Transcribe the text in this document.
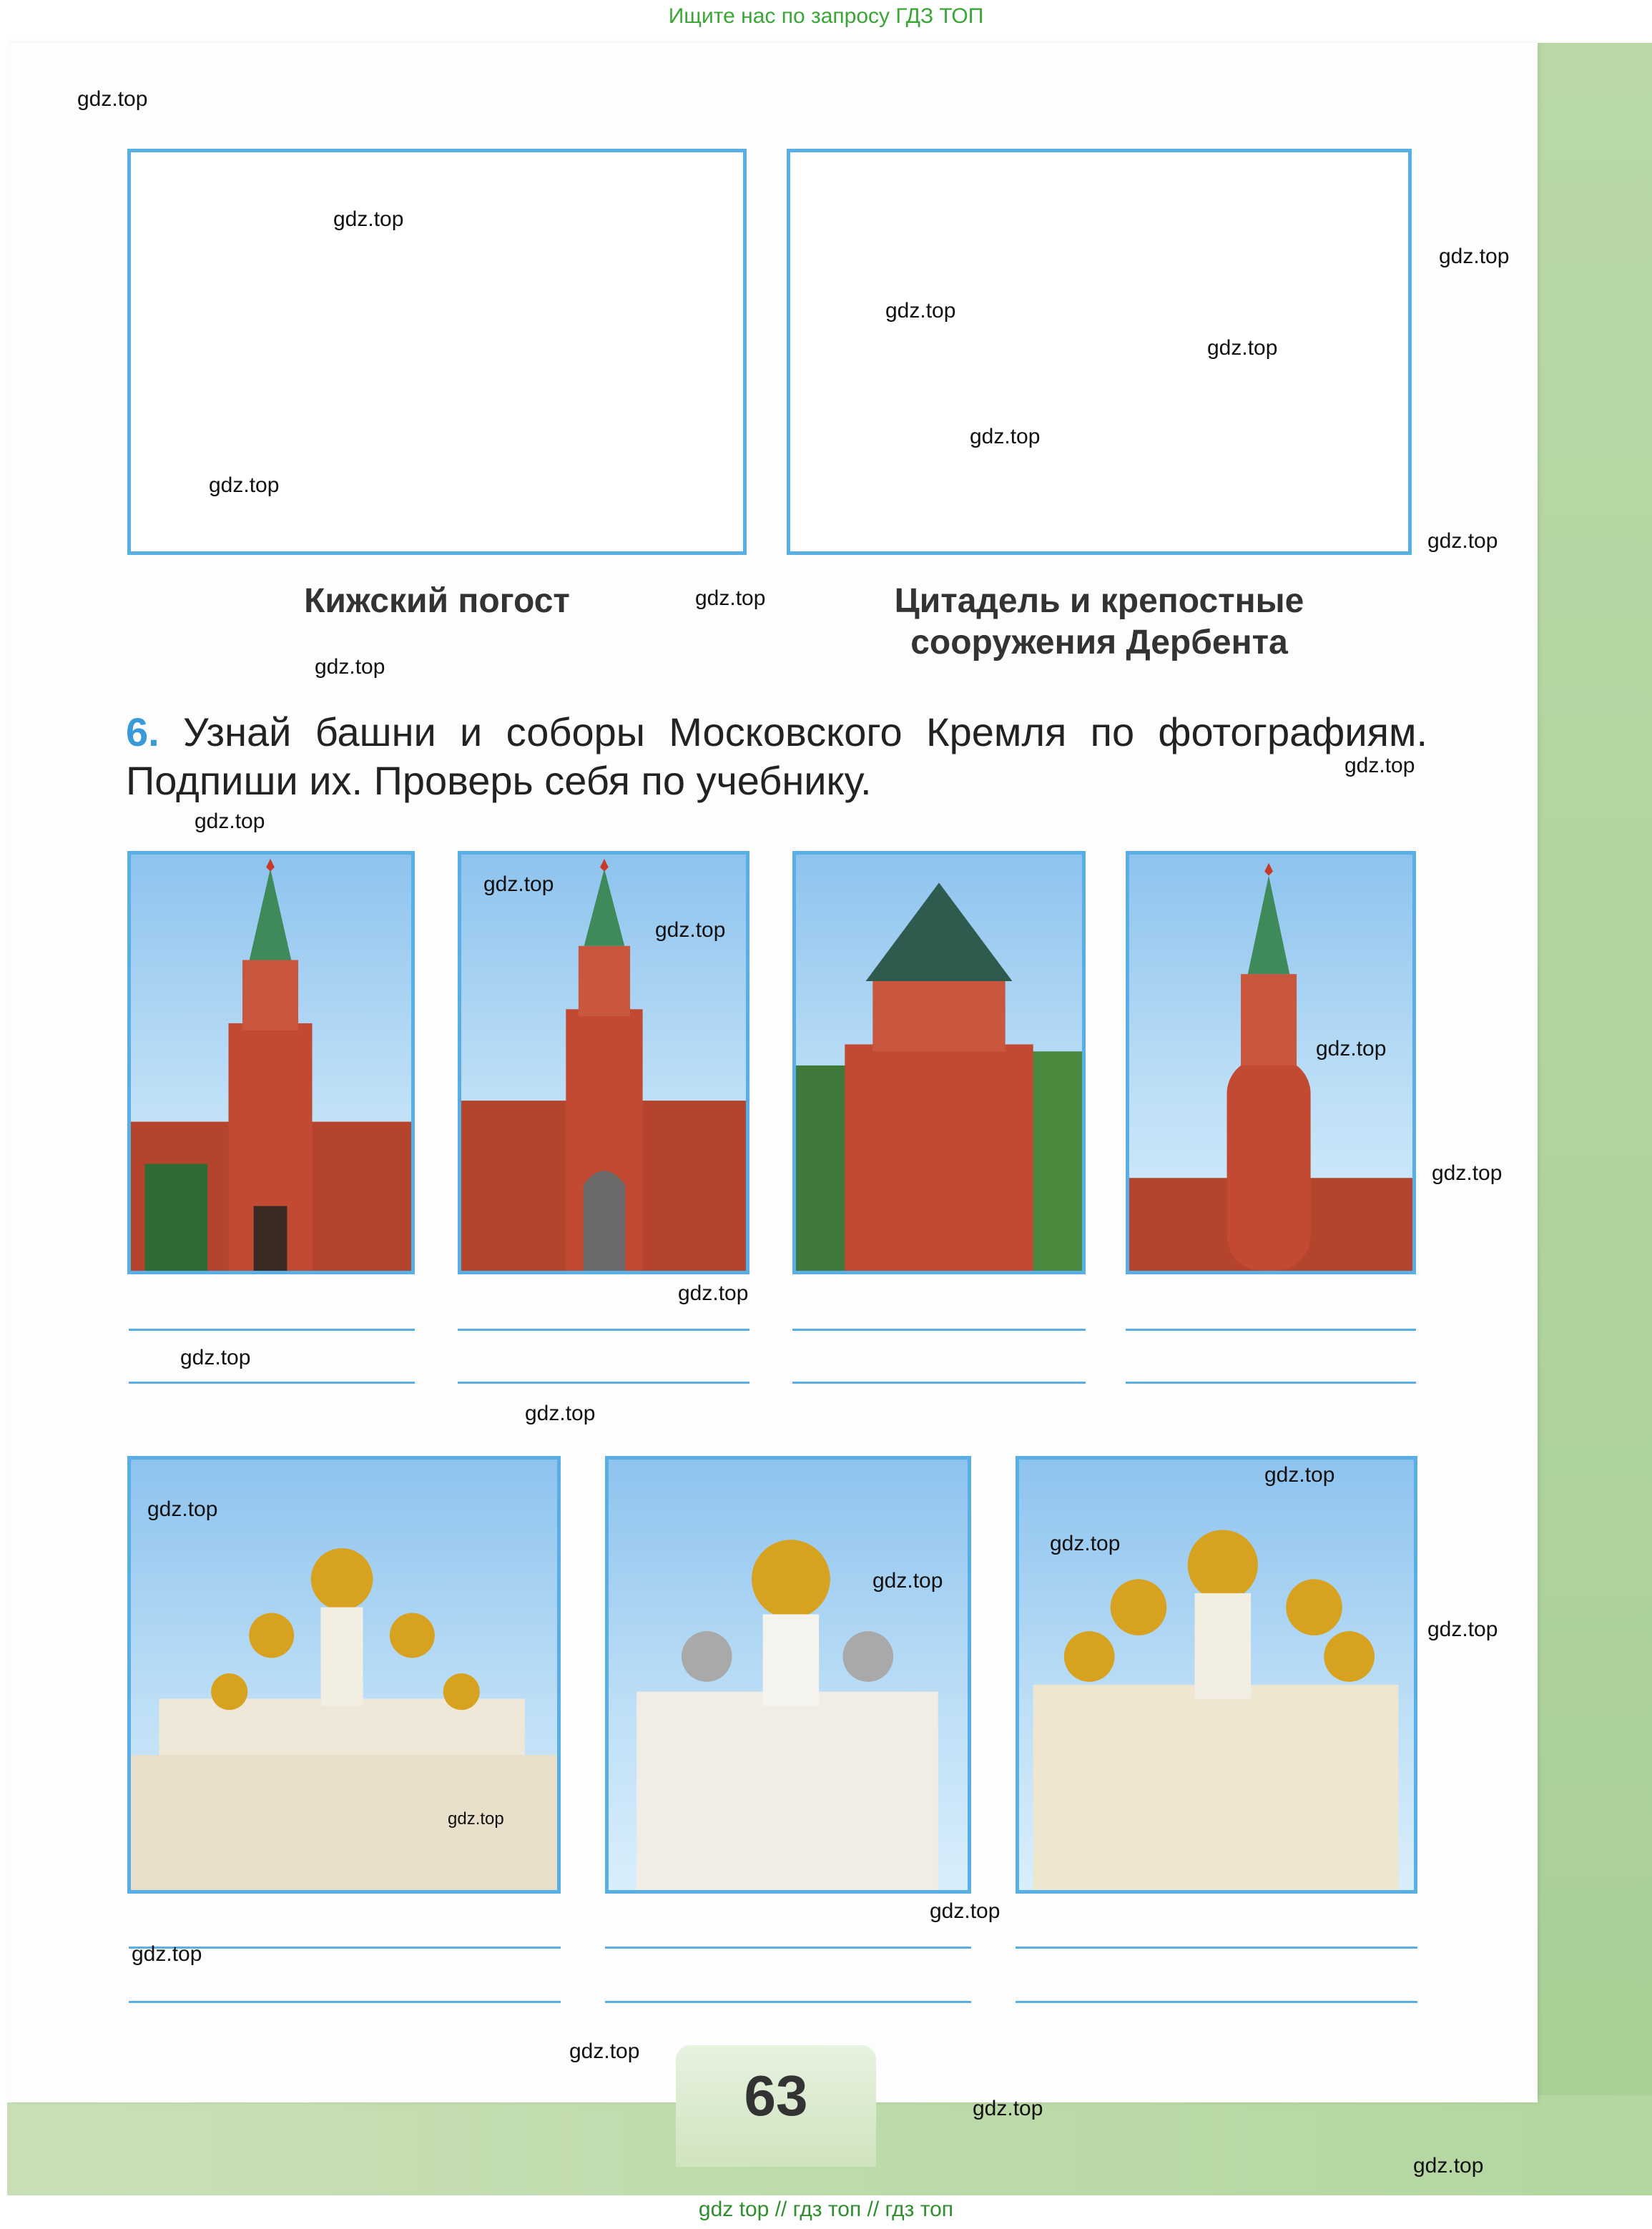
Ищите нас по запросу ГДЗ ТОП
Кижский погост	Цитадель и крепостные сооружения Дербента
6. Узнай башни и соборы Московского Кремля по фотографиям. Подпиши их. Проверь себя по учебнику.
63
gdz.top
gdz.top
gdz.top
gdz.top
gdz.top
gdz.top
gdz.top
gdz.top
gdz.top
gdz.top
gdz.top
gdz.top
gdz.top
gdz.top
gdz.top
gdz.top
gdz.top
gdz.top
gdz.top
gdz.top
gdz.top
gdz.top
gdz.top
gdz.top
gdz.top
gdz.top
gdz.top
gdz.top
gdz.top
gdz.top
gdz top // гдз топ // гдз топ
